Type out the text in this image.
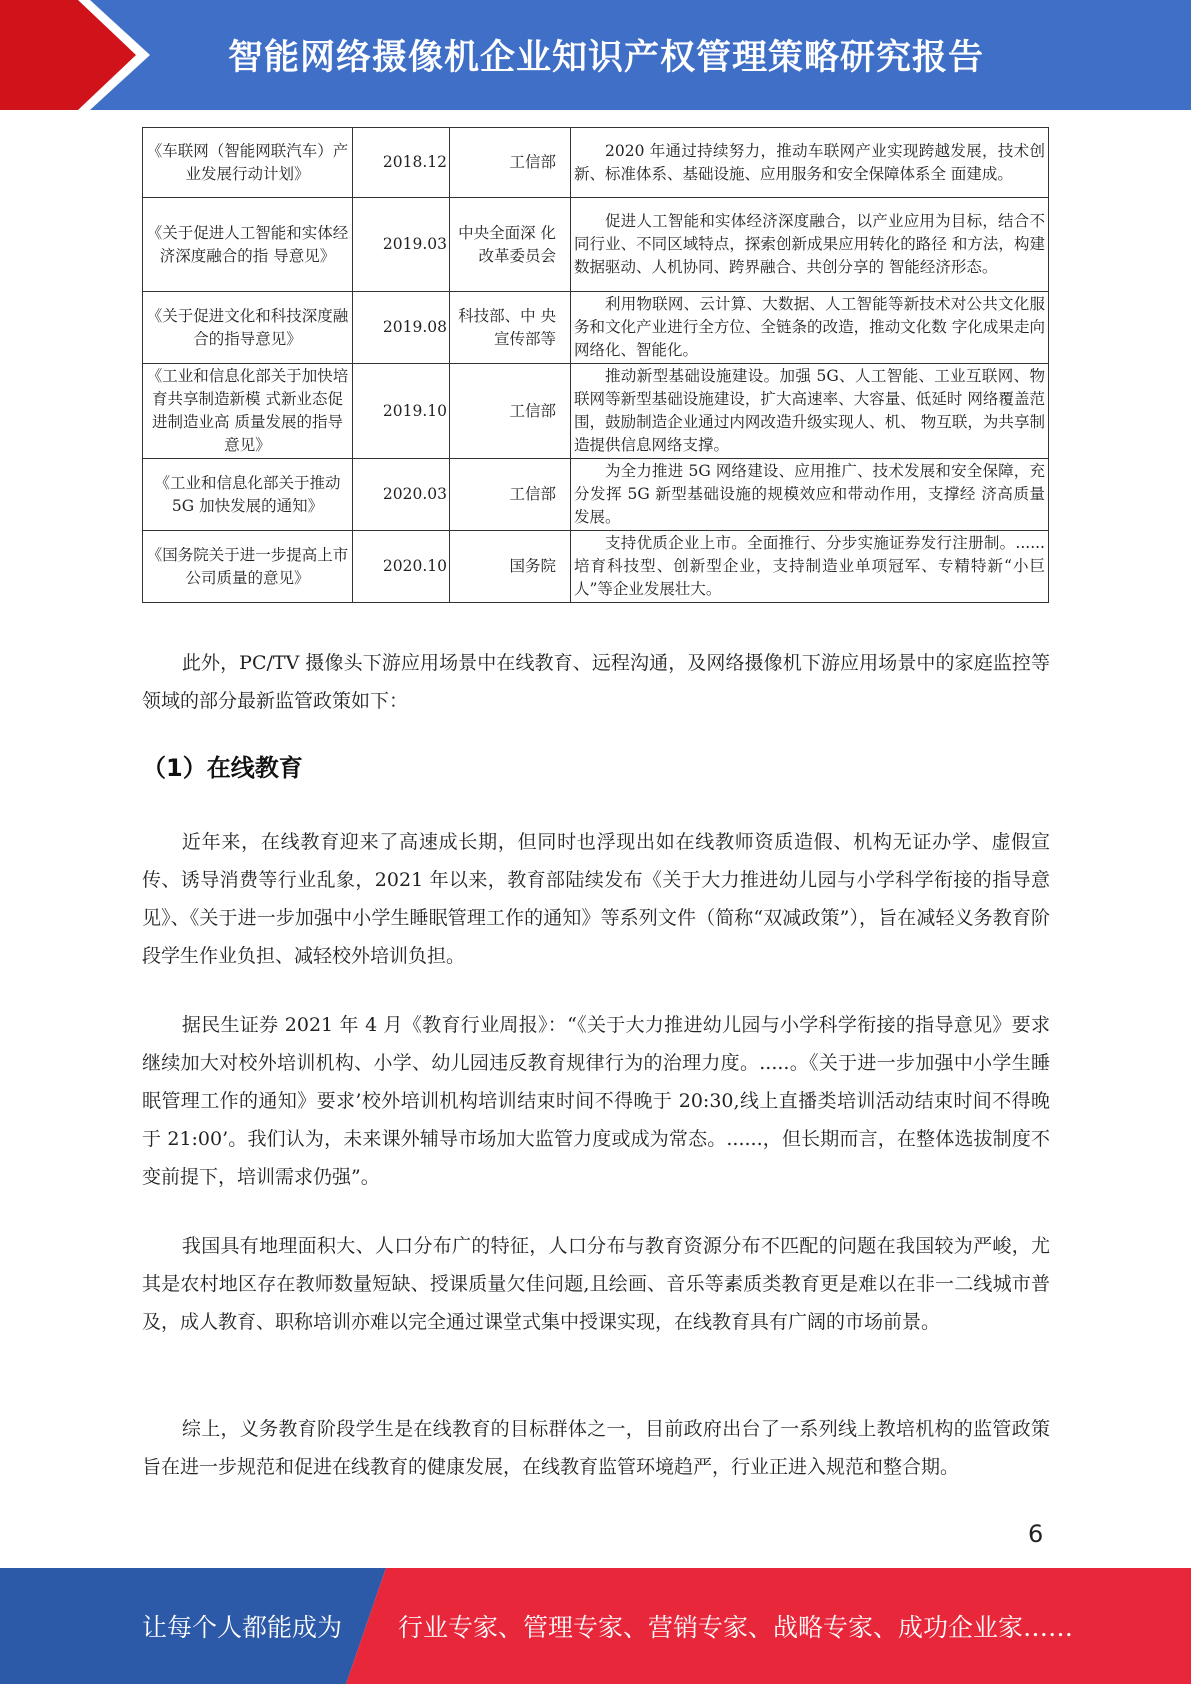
智能网络摄像机企业知识产权管理策略研究报告
《车联网（智能网联汽车）产业发展行动计划》	2018.12	工信部	2020 年通过持续努力，推动车联网产业实现跨越发展，技术创新、标准体系、基础设施、应用服务和安全保障体系全 面建成。
《关于促进人工智能和实体经济深度融合的指 导意见》	2019.03	中央全面深 化改革委员会	促进人工智能和实体经济深度融合，以产业应用为目标，结合不同行业、不同区域特点，探索创新成果应用转化的路径 和方法，构建数据驱动、人机协同、跨界融合、共创分享的 智能经济形态。
《关于促进文化和科技深度融合的指导意见》	2019.08	科技部、中 央宣传部等	利用物联网、云计算、大数据、人工智能等新技术对公共文化服务和文化产业进行全方位、全链条的改造，推动文化数 字化成果走向网络化、智能化。
《工业和信息化部关于加快培育共享制造新模 式新业态促进制造业高 质量发展的指导意见》	2019.10	工信部	推动新型基础设施建设。加强 5G、人工智能、工业互联网、物联网等新型基础设施建设，扩大高速率、大容量、低延时 网络覆盖范围，鼓励制造企业通过内网改造升级实现人、机、 物互联，为共享制造提供信息网络支撑。
《工业和信息化部关于推动 5G 加快发展的通知》	2020.03	工信部	为全力推进 5G 网络建设、应用推广、技术发展和安全保障，充分发挥 5G 新型基础设施的规模效应和带动作用，支撑经 济高质量发展。
《国务院关于进一步提高上市公司质量的意见》	2020.10	国务院	支持优质企业上市。全面推行、分步实施证券发行注册制。......培育科技型、创新型企业，支持制造业单项冠军、专精特新“小巨人”等企业发展壮大。
此外，PC/TV 摄像头下游应用场景中在线教育、远程沟通，及网络摄像机下游应用场景中的家庭监控等领域的部分最新监管政策如下：
（1）在线教育
近年来，在线教育迎来了高速成长期，但同时也浮现出如在线教师资质造假、机构无证办学、虚假宣传、诱导消费等行业乱象，2021 年以来，教育部陆续发布《关于大力推进幼儿园与小学科学衔接的指导意见》、《关于进一步加强中小学生睡眠管理工作的通知》等系列文件（简称“双减政策”），旨在减轻义务教育阶段学生作业负担、减轻校外培训负担。
据民生证券 2021 年 4 月《教育行业周报》：“《关于大力推进幼儿园与小学科学衔接的指导意见》要求继续加大对校外培训机构、小学、幼儿园违反教育规律行为的治理力度。.....。《关于进一步加强中小学生睡眠管理工作的通知》要求’校外培训机构培训结束时间不得晚于 20:30,线上直播类培训活动结束时间不得晚于 21:00’。我们认为，未来课外辅导市场加大监管力度或成为常态。......，但长期而言，在整体选拔制度不变前提下，培训需求仍强”。
我国具有地理面积大、人口分布广的特征，人口分布与教育资源分布不匹配的问题在我国较为严峻，尤其是农村地区存在教师数量短缺、授课质量欠佳问题,且绘画、音乐等素质类教育更是难以在非一二线城市普及，成人教育、职称培训亦难以完全通过课堂式集中授课实现，在线教育具有广阔的市场前景。
综上，义务教育阶段学生是在线教育的目标群体之一，目前政府出台了一系列线上教培机构的监管政策旨在进一步规范和促进在线教育的健康发展，在线教育监管环境趋严，行业正进入规范和整合期。
6
让每个人都能成为 行业专家、管理专家、营销专家、战略专家、成功企业家……
